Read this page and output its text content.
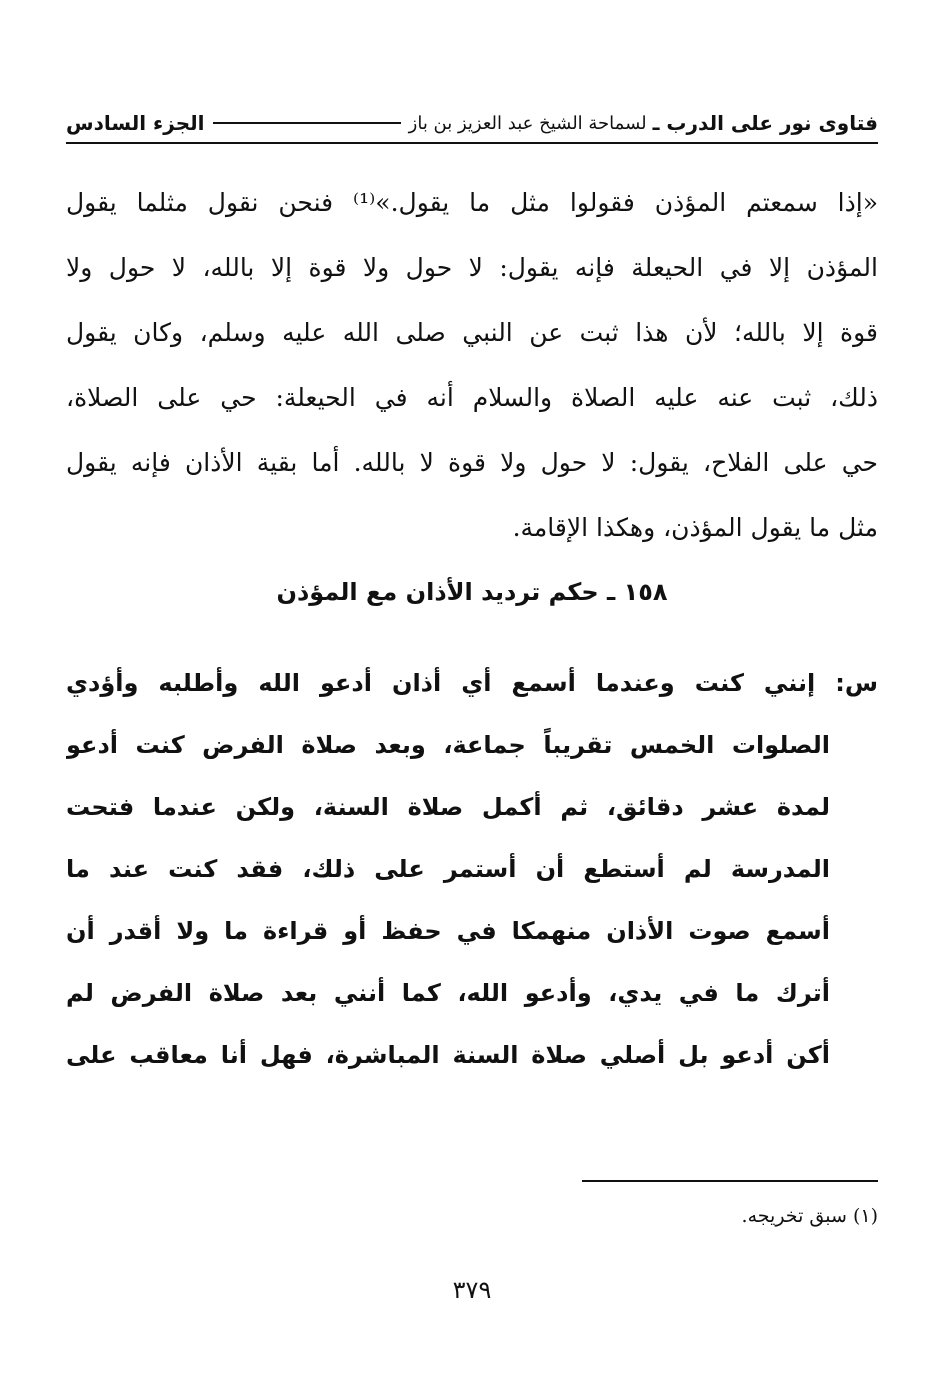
فتاوى نور على الدرب ـ
لسماحة الشيخ عبد العزيز بن باز
الجزء السادس
«إذا سمعتم المؤذن فقولوا مثل ما يقول.»⁽¹⁾ فنحن نقول مثلما يقول
المؤذن إلا في الحيعلة فإنه يقول: لا حول ولا قوة إلا بالله، لا حول ولا
قوة إلا بالله؛ لأن هذا ثبت عن النبي صلى الله عليه وسلم، وكان يقول
ذلك، ثبت عنه عليه الصلاة والسلام أنه في الحيعلة: حي على الصلاة،
حي على الفلاح، يقول: لا حول ولا قوة لا بالله. أما بقية الأذان فإنه يقول
مثل ما يقول المؤذن، وهكذا الإقامة.
١٥٨ ـ حكم ترديد الأذان مع المؤذن
س: إنني كنت وعندما أسمع أي أذان أدعو الله وأطلبه وأؤدي
الصلوات الخمس تقريباً جماعة، وبعد صلاة الفرض كنت أدعو
لمدة عشر دقائق، ثم أكمل صلاة السنة، ولكن عندما فتحت
المدرسة لم أستطع أن أستمر على ذلك، فقد كنت عند ما
أسمع صوت الأذان منهمكا في حفظ أو قراءة ما ولا أقدر أن
أترك ما في يدي، وأدعو الله، كما أنني بعد صلاة الفرض لم
أكن أدعو بل أصلي صلاة السنة المباشرة، فهل أنا معاقب على
(١) سبق تخريجه.
٣٧٩
